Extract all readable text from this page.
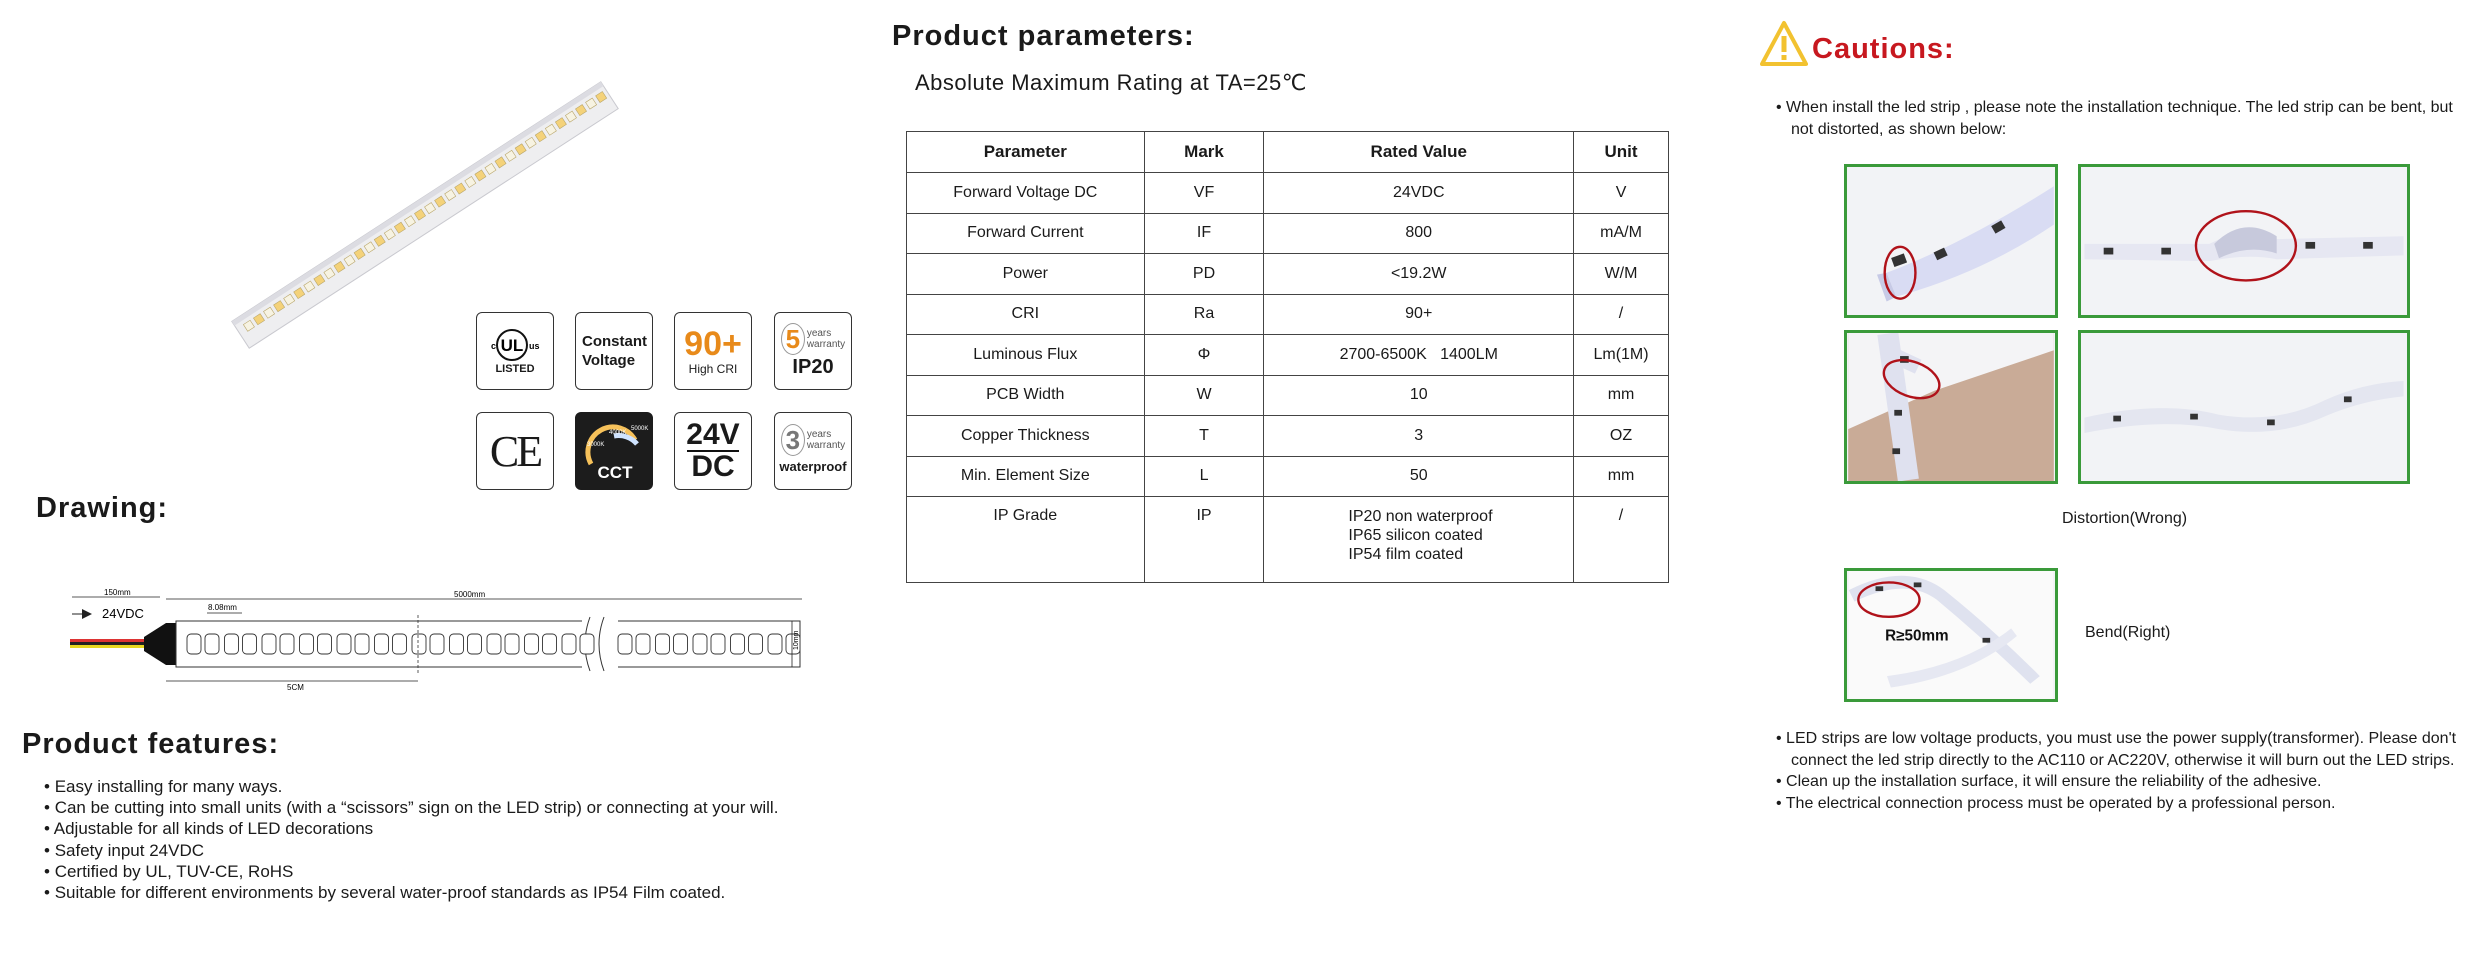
UL
c	us
LISTED
Constant
Voltage 90+
High CRI
5 years
warranty
IP20
CE	3000K
4000K
5000K
CCT
24V
DC
3 years
warranty
waterproof
Drawing:
150mm	5000mm
8.08mm
24VDC
5CM
10mm
Product features:
• Easy installing for many ways.
• Can be cutting into small units (with a “scissors” sign on the LED strip) or connecting at your will.
• Adjustable for all kinds of LED decorations
• Safety input 24VDC
• Certified by UL, TUV-CE, RoHS
• Suitable for different environments by several water-proof standards as IP54 Film coated.
Product parameters:
Absolute Maximum Rating at TA=25℃
Parameter	Mark	Rated Value	Unit
Forward Voltage DC	VF	24VDC	V
Forward Current	IF	800	mA/M
Power	PD	<19.2W	W/M
CRI	Ra	90+	/
Luminous Flux	Φ	2700-6500K   1400LM	Lm(1M)
PCB Width	W	10	mm
Copper Thickness	T	3	OZ
Min. Element Size	L	50	mm
IP Grade	IP	IP20 non waterproof
IP65 silicon coated
IP54 film coated	/
Cautions:
• When install the led strip , please note the installation technique. The led strip can be bent, but not distorted, as shown below:
Distortion(Wrong)
R≥50mm	Bend(Right)
• LED strips are low voltage products, you must use the power supply(transformer). Please don't connect the led strip directly to the AC110 or AC220V, otherwise it will burn out the LED strips.
• Clean up the installation surface, it will ensure the reliability of the adhesive.
• The electrical connection process must be operated by a professional person.
